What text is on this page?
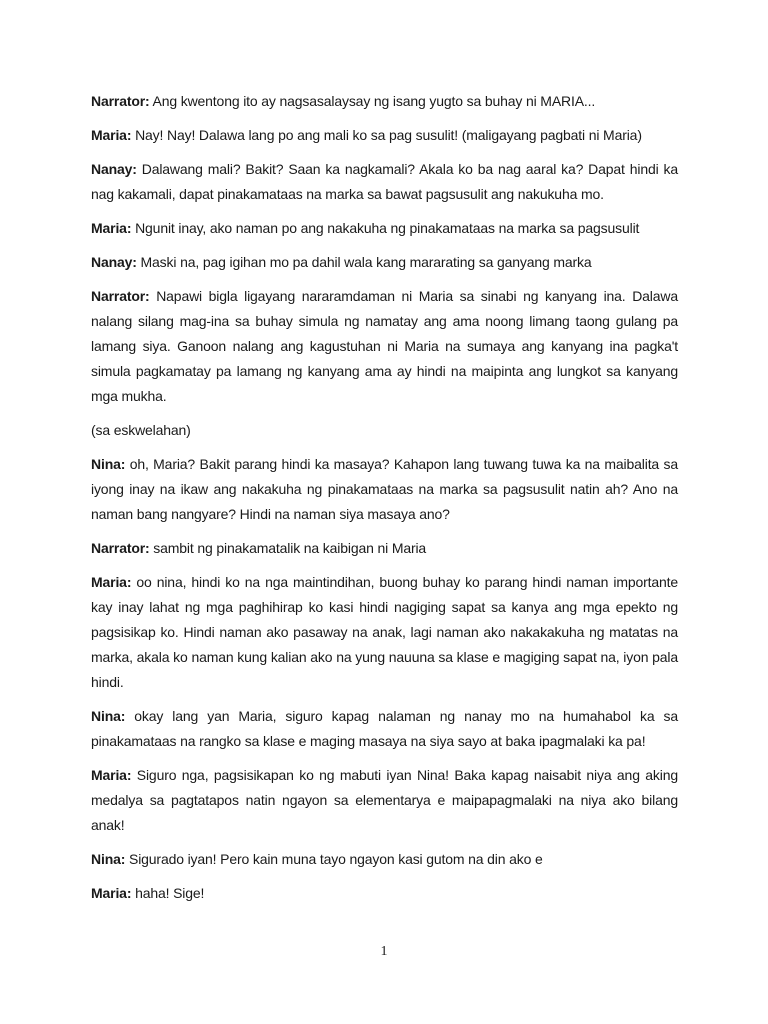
Narrator: Ang kwentong ito ay nagsasalaysay ng isang yugto sa buhay ni MARIA...

Maria: Nay! Nay! Dalawa lang po ang mali ko sa pag susulit! (maligayang pagbati ni Maria)

Nanay: Dalawang mali? Bakit? Saan ka nagkamali? Akala ko ba nag aaral ka? Dapat hindi ka nag kakamali, dapat pinakamataas na marka sa bawat pagsusulit ang nakukuha mo.

Maria: Ngunit inay, ako naman po ang nakakuha ng pinakamataas na marka sa pagsusulit

Nanay: Maski na, pag igihan mo pa dahil wala kang mararating sa ganyang marka

Narrator: Napawi bigla ligayang nararamdaman ni Maria sa sinabi ng kanyang ina. Dalawa nalang silang mag-ina sa buhay simula ng namatay ang ama noong limang taong gulang pa lamang siya. Ganoon nalang ang kagustuhan ni Maria na sumaya ang kanyang ina pagka't simula pagkamatay pa lamang ng kanyang ama ay hindi na maipinta ang lungkot sa kanyang mga mukha.

(sa eskwelahan)

Nina: oh, Maria? Bakit parang hindi ka masaya? Kahapon lang tuwang tuwa ka na maibalita sa iyong inay na ikaw ang nakakuha ng pinakamataas na marka sa pagsusulit natin ah? Ano na naman bang nangyare? Hindi na naman siya masaya ano?

Narrator: sambit ng pinakamatalik na kaibigan ni Maria

Maria: oo nina, hindi ko na nga maintindihan, buong buhay ko parang hindi naman importante kay inay lahat ng mga paghihirap ko kasi hindi nagiging sapat sa kanya ang mga epekto ng pagsisikap ko. Hindi naman ako pasaway na anak, lagi naman ako nakakakuha ng matatas na marka, akala ko naman kung kalian ako na yung nauuna sa klase e magiging sapat na, iyon pala hindi.

Nina: okay lang yan Maria, siguro kapag nalaman ng nanay mo na humahabol ka sa pinakamataas na rangko sa klase e maging masaya na siya sayo at baka ipagmalaki ka pa!

Maria: Siguro nga, pagsisikapan ko ng mabuti iyan Nina! Baka kapag naisabit niya ang aking medalya sa pagtatapos natin ngayon sa elementarya e maipapagmalaki na niya ako bilang anak!

Nina: Sigurado iyan! Pero kain muna tayo ngayon kasi gutom na din ako e

Maria: haha! Sige!

1
